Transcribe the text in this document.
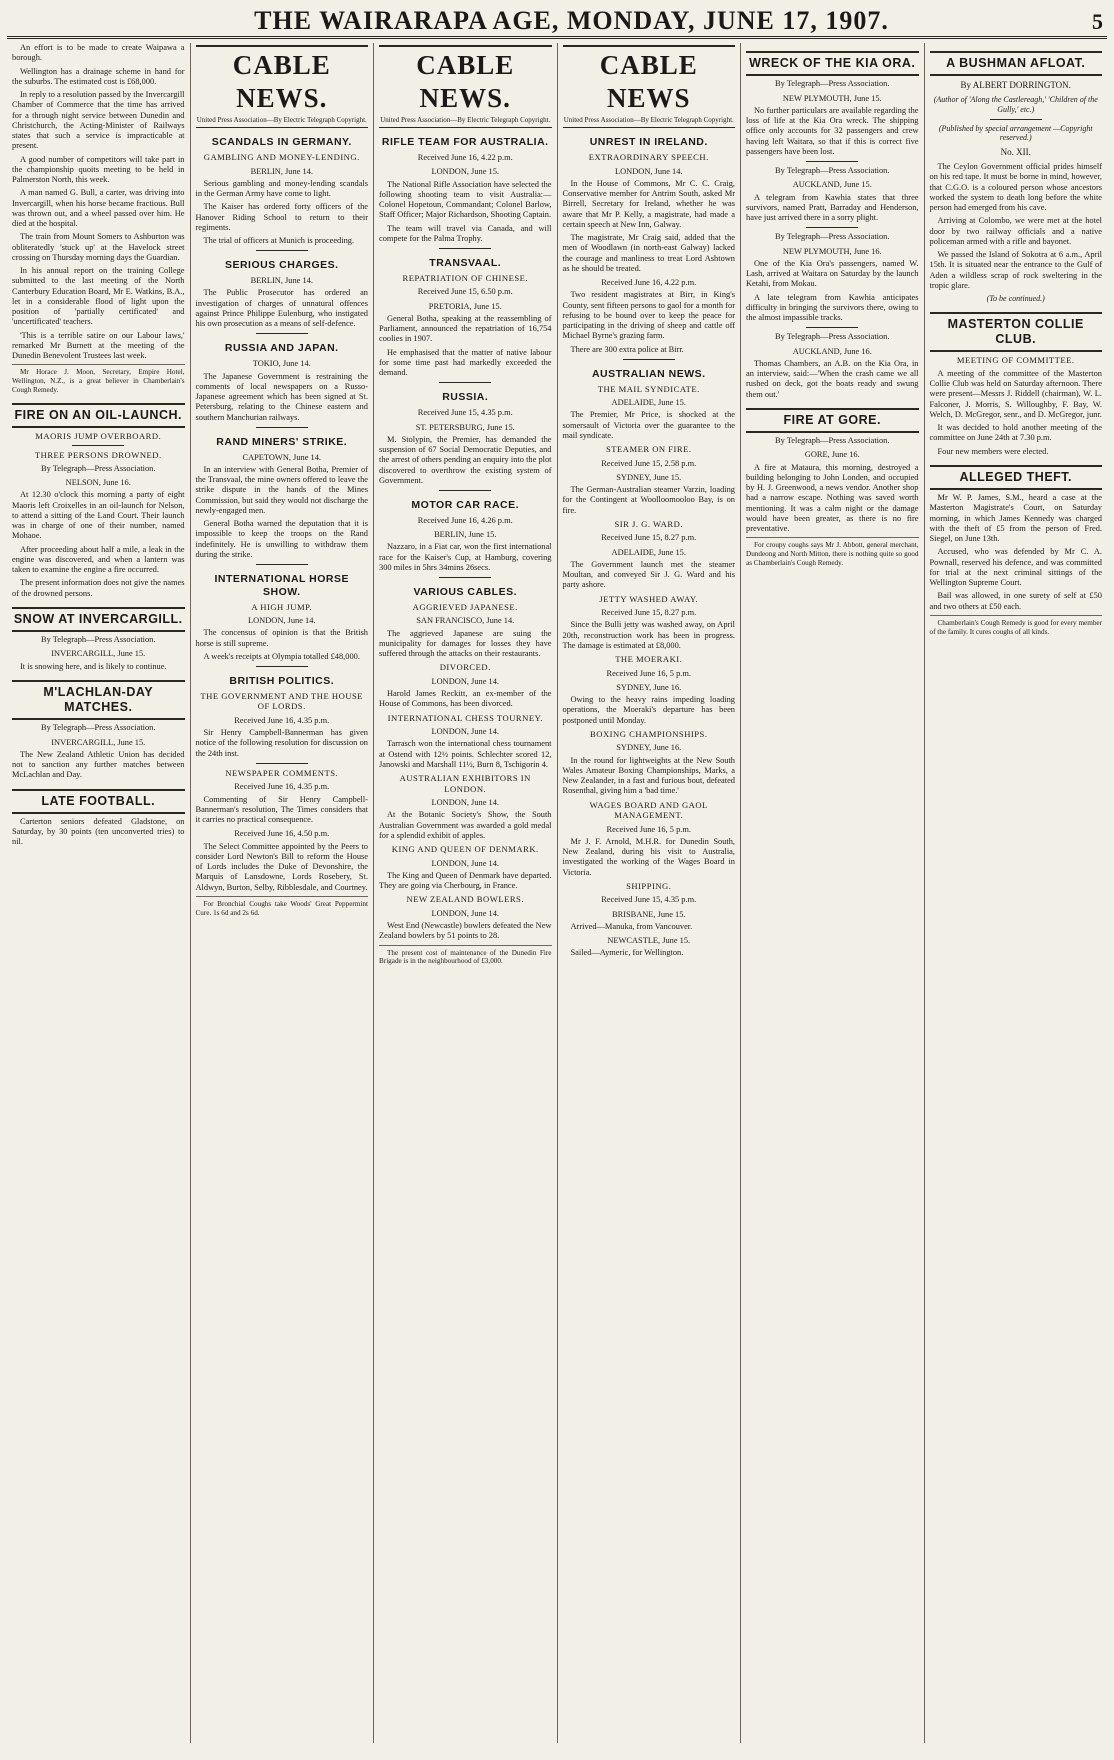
THE WAIRARAPA AGE, MONDAY, JUNE 17, 1907.	5

An effort is to be made to create Waipawa a borough.

Wellington has a drainage scheme in hand for the suburbs. The estimated cost is £68,000.

In reply to a resolution passed by the Invercargill Chamber of Commerce that the time has arrived for a through night service between Dunedin and Christchurch, the Acting-Minister of Railways states that such a service is impracticable at present.

A good number of competitors will take part in the championship quoits meeting to be held in Palmerston North, this week.

A man named G. Bull, a carter, was driving into Invercargill, when his horse became fractious. Bull was thrown out, and a wheel passed over him. He died at the hospital.

The train from Mount Somers to Ashburton was obliteratedly 'stuck up' at the Havelock street crossing on Thursday morning days the Guardian.

In his annual report on the training College submitted to the last meeting of the North Canterbury Education Board, Mr E. Watkins, B.A., let in a considerable flood of light upon the position of 'partially certificated' and 'uncertificated' teachers.

'This is a terrible satire on our Labour laws,' remarked Mr Burnett at the meeting of the Dunedin Benevolent Trustees last week.

Mr Horace J. Moon, Secretary, Empire Hotel, Wellington, N.Z., is a great believer in Chamberlain's Cough Remedy.

FIRE ON AN OIL-LAUNCH.
MAORIS JUMP OVERBOARD.
THREE PERSONS DROWNED.
By Telegraph—Press Association.
NELSON, June 16.

At 12.30 o'clock this morning a party of eight Maoris left Croixelles in an oil-launch for Nelson, to attend a sitting of the Land Court. Their launch was in charge of one of their number, named Mohaoe.

After proceeding about half a mile, a leak in the engine was discovered, and when a lantern was taken to examine the engine a fire occurred.

The present information does not give the names of the drowned persons.

SNOW AT INVERCARGILL.
By Telegraph—Press Association.
INVERCARGILL, June 15.

It is snowing here, and is likely to continue.

M'LACHLAN-DAY MATCHES.
By Telegraph—Press Association.
INVERCARGILL, June 15.

The New Zealand Athletic Union has decided not to sanction any further matches between McLachlan and Day.

LATE FOOTBALL.

Carterton seniors defeated Gladstone, on Saturday, by 30 points (ten unconverted tries) to nil.

CABLE NEWS.
United Press Association—By Electric Telegraph Copyright.
SCANDALS IN GERMANY.
GAMBLING AND MONEY-LENDING.
BERLIN, June 14.

Serious gambling and money-lending scandals in the German Army have come to light.

The Kaiser has ordered forty officers of the Hanover Riding School to return to their regiments.

The trial of officers at Munich is proceeding.

SERIOUS CHARGES.
BERLIN, June 14.

The Public Prosecutor has ordered an investigation of charges of unnatural offences against Prince Philippe Eulenburg, who instigated his own prosecution as a means of self-defence.

RUSSIA AND JAPAN.
TOKIO, June 14.

The Japanese Government is restraining the comments of local newspapers on a Russo-Japanese agreement which has been signed at St. Petersburg, relating to the Chinese eastern and southern Manchurian railways.

RAND MINERS' STRIKE.
CAPETOWN, June 14.

In an interview with General Botha, Premier of the Transvaal, the mine owners offered to leave the strike dispute in the hands of the Mines Commission, but said they would not discharge the newly-engaged men.

General Botha warned the deputation that it is impossible to keep the troops on the Rand indefinitely. He is unwilling to withdraw them during the strike.

INTERNATIONAL HORSE SHOW.
A HIGH JUMP.
LONDON, June 14.

The concensus of opinion is that the British horse is still supreme.

A week's receipts at Olympia totalled £48,000.

BRITISH POLITICS.
THE GOVERNMENT AND THE HOUSE OF LORDS.
Received June 16, 4.35 p.m.

Sir Henry Campbell-Bannerman has given notice of the following resolution for discussion on the 24th inst.

NEWSPAPER COMMENTS.
Received June 16, 4.35 p.m.

Commenting of Sir Henry Campbell-Bannerman's resolution, The Times considers that it carries no practical consequence.

Received June 16, 4.50 p.m.

The Select Committee appointed by the Peers to consider Lord Newton's Bill to reform the House of Lords includes the Duke of Devonshire, the Marquis of Lansdowne, Lords Rosebery, St. Aldwyn, Burton, Selby, Ribblesdale, and Courtney.

For Bronchial Coughs take Woods' Great Peppermint Cure. 1s 6d and 2s 6d.

CABLE NEWS.
United Press Association—By Electric Telegraph Copyright.
RIFLE TEAM FOR AUSTRALIA.
Received June 16, 4.22 p.m.
LONDON, June 15.

The National Rifle Association have selected the following shooting team to visit Australia:—Colonel Hopetoun, Commandant; Colonel Barlow, Staff Officer; Major Richardson, Shooting Captain.

The team will travel via Canada, and will compete for the Palma Trophy.

TRANSVAAL.
REPATRIATION OF CHINESE.
Received June 15, 6.50 p.m.
PRETORIA, June 15.

General Botha, speaking at the reassembling of Parliament, announced the repatriation of 16,754 coolies in 1907.

He emphasised that the matter of native labour for some time past had markedly exceeded the demand.

RUSSIA.
Received June 15, 4.35 p.m.
ST. PETERSBURG, June 15.

M. Stolypin, the Premier, has demanded the suspension of 67 Social Democratic Deputies, and the arrest of others pending an enquiry into the plot discovered to overthrow the existing system of Government.

MOTOR CAR RACE.
Received June 16, 4.26 p.m.
BERLIN, June 15.

Nazzaro, in a Fiat car, won the first international race for the Kaiser's Cup, at Hamburg, covering 300 miles in 5hrs 34mins 26secs.

VARIOUS CABLES.
AGGRIEVED JAPANESE.
SAN FRANCISCO, June 14.

The aggrieved Japanese are suing the municipality for damages for losses they have suffered through the attacks on their restaurants.

DIVORCED.
LONDON, June 14.

Harold James Reckitt, an ex-member of the House of Commons, has been divorced.

INTERNATIONAL CHESS TOURNEY.
LONDON, June 14.

Tarrasch won the international chess tournament at Ostend with 12½ points. Schlechter scored 12, Janowski and Marshall 11½, Burn 8, Tschigorin 4.

AUSTRALIAN EXHIBITORS IN LONDON.
LONDON, June 14.

At the Botanic Society's Show, the South Australian Government was awarded a gold medal for a splendid exhibit of apples.

KING AND QUEEN OF DENMARK.
LONDON, June 14.

The King and Queen of Denmark have departed. They are going via Cherbourg, in France.

NEW ZEALAND BOWLERS.
LONDON, June 14.

West End (Newcastle) bowlers defeated the New Zealand bowlers by 51 points to 28.

The present cost of maintenance of the Dunedin Fire Brigade is in the neighbourhood of £3,000.

CABLE NEWS
United Press Association—By Electric Telegraph Copyright.
UNREST IN IRELAND.
EXTRAORDINARY SPEECH.
LONDON, June 14.

In the House of Commons, Mr C. C. Craig, Conservative member for Antrim South, asked Mr Birrell, Secretary for Ireland, whether he was aware that Mr P. Kelly, a magistrate, had made a certain speech at New Inn, Galway.

The magistrate, Mr Craig said, added that the men of Woodlawn (in north-east Galway) lacked the courage and manliness to treat Lord Ashtown as he should be treated.

Received June 16, 4.22 p.m.

Two resident magistrates at Birr, in King's County, sent fifteen persons to gaol for a month for refusing to be bound over to keep the peace for participating in the driving of sheep and cattle off Michael Byrne's grazing farm.

There are 300 extra police at Birr.

AUSTRALIAN NEWS.
THE MAIL SYNDICATE.
ADELAIDE, June 15.

The Premier, Mr Price, is shocked at the somersault of Victoria over the guarantee to the mail syndicate.

STEAMER ON FIRE.
Received June 15, 2.58 p.m.
SYDNEY, June 15.

The German-Australian steamer Varzin, loading for the Contingent at Woolloomooloo Bay, is on fire.

SIR J. G. WARD.
Received June 15, 8.27 p.m.
ADELAIDE, June 15.

The Government launch met the steamer Moultan, and conveyed Sir J. G. Ward and his party ashore.

JETTY WASHED AWAY.
Received June 15, 8.27 p.m.

Since the Bulli jetty was washed away, on April 20th, reconstruction work has been in progress. The damage is estimated at £8,000.

THE MOERAKI.
Received June 16, 5 p.m.
SYDNEY, June 16.

Owing to the heavy rains impeding loading operations, the Moeraki's departure has been postponed until Monday.

BOXING CHAMPIONSHIPS.
SYDNEY, June 16.

In the round for lightweights at the New South Wales Amateur Boxing Championships, Marks, a New Zealander, in a fast and furious bout, defeated Rosenthal, giving him a 'bad time.'

WAGES BOARD AND GAOL MANAGEMENT.
Received June 16, 5 p.m.

Mr J. F. Arnold, M.H.R. for Dunedin South, New Zealand, during his visit to Australia, investigated the working of the Wages Board in Victoria.

SHIPPING.
Received June 15, 4.35 p.m.
BRISBANE, June 15.

Arrived—Manuka, from Vancouver.

NEWCASTLE, June 15.

Sailed—Aymeric, for Wellington.

WRECK OF THE KIA ORA.
By Telegraph—Press Association.
NEW PLYMOUTH, June 15.

No further particulars are available regarding the loss of life at the Kia Ora wreck. The shipping office only accounts for 32 passengers and crew having left Waitara, so that if this is correct five passengers have been lost.

By Telegraph—Press Association.
AUCKLAND, June 15.

A telegram from Kawhia states that three survivors, named Pratt, Barraday and Henderson, have just arrived there in a sorry plight.

By Telegraph—Press Association.
NEW PLYMOUTH, June 16.

One of the Kia Ora's passengers, named W. Lash, arrived at Waitara on Saturday by the launch Ketahi, from Mokau.

A late telegram from Kawhia anticipates difficulty in bringing the survivors there, owing to the almost impassible tracks.

By Telegraph—Press Association.
AUCKLAND, June 16.

Thomas Chambers, an A.B. on the Kia Ora, in an interview, said:—'When the crash came we all rushed on deck, got the boats ready and swung them out.'

FIRE AT GORE.
By Telegraph—Press Association.
GORE, June 16.

A fire at Mataura, this morning, destroyed a building belonging to John Londen, and occupied by H. J. Greenwood, a news vendor. Another shop had a narrow escape. Nothing was saved worth mentioning. It was a calm night or the damage would have been greater, as there is no fire preventative.

For croupy coughs says Mr J. Abbott, general merchant, Dundeong and North Mitton, there is nothing quite so good as Chamberlain's Cough Remedy.

A BUSHMAN AFLOAT.
By ALBERT DORRINGTON.
(Author of 'Along the Castlereagh,' 'Children of the Gully,' etc.)
(Published by special arrangement —Copyright reserved.)
No. XII.

The Ceylon Government official prides himself on his red tape. It must be borne in mind, however, that C.G.O. is a coloured person whose ancestors worked the system to death long before the white person had emerged from his cave.

Arriving at Colombo, we were met at the hotel door by two railway officials and a native policeman armed with a rifle and bayonet.

We passed the Island of Sokotra at 6 a.m., April 15th. It is situated near the entrance to the Gulf of Aden a wildless scrap of rock sweltering in the tropic glare.

(To be continued.)
MASTERTON COLLIE CLUB.
MEETING OF COMMITTEE.

A meeting of the committee of the Masterton Collie Club was held on Saturday afternoon. There were present—Messrs J. Riddell (chairman), W. L. Falconer, J. Morris, S. Willoughby, F. Bay, W. Welch, D. McGregor, senr., and D. McGregor, junr.

It was decided to hold another meeting of the committee on June 24th at 7.30 p.m.

Four new members were elected.

ALLEGED THEFT.

Mr W. P. James, S.M., heard a case at the Masterton Magistrate's Court, on Saturday morning, in which James Kennedy was charged with the theft of £5 from the person of Fred. Siegel, on June 13th.

Accused, who was defended by Mr C. A. Pownall, reserved his defence, and was committed for trial at the next criminal sittings of the Wellington Supreme Court.

Bail was allowed, in one surety of self at £50 and two others at £50 each.

Chamberlain's Cough Remedy is good for every member of the family. It cures coughs of all kinds.
